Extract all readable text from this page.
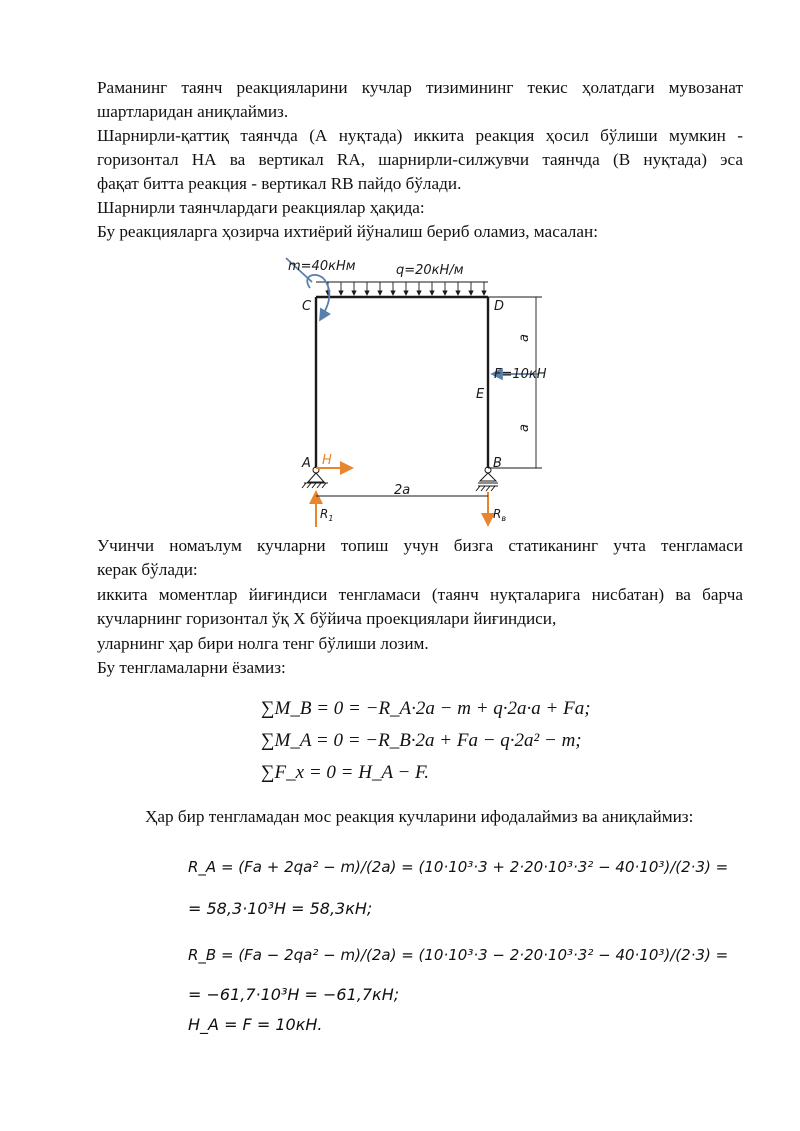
Раманинг таянч реакцияларини кучлар тизимининг текис ҳолатдаги мувозанат
шартларидан аниқлаймиз.

Шарнирли-қаттиқ таянчда (А нуқтада) иккита реакция ҳосил бўлиши мумкин -
горизонтал НА ва вертикал RA, шарнирли-силжувчи таянчда (В нуқтада) эса
фақат битта реакция - вертикал RB пайдо бўлади.

Шарнирли таянчлардаги реакциялар ҳақида:

Бу реакцияларга ҳозирча ихтиёрий йўналиш бериб оламиз, масалан:

m=40кНм	q=20кН/м
C	D
E
a
a
F=10кН
A	B
H
$R_1$	$R_в$
2a

Учинчи номаълум кучларни топиш учун бизга статиканинг учта тенгламаси
керак бўлади:

иккита моментлар йиғиндиси тенгламаси (таянч нуқталарига нисбатан) ва барча
кучларнинг горизонтал ўқ X бўйича проекциялари йиғиндиси,

уларнинг ҳар бири нолга тенг бўлиши лозим.

Бу тенгламаларни ёзамиз:

∑M_B = 0 = −R_A·2a − m + q·2a·a + Fa;
∑M_A = 0 = −R_B·2a + Fa − q·2a² − m;
∑F_x = 0 = H_A − F.

Ҳар бир тенгламадан мос реакция кучларини ифодалаймиз ва аниқлаймиз:

R_A = (Fa + 2qa² − m)/(2a) = (10·10³·3 + 2·20·10³·3² − 40·10³)/(2·3) =
= 58,3·10³H = 58,3кН;
R_B = (Fa − 2qa² − m)/(2a) = (10·10³·3 − 2·20·10³·3² − 40·10³)/(2·3) =
= −61,7·10³H = −61,7кН;
H_A = F = 10кН.
